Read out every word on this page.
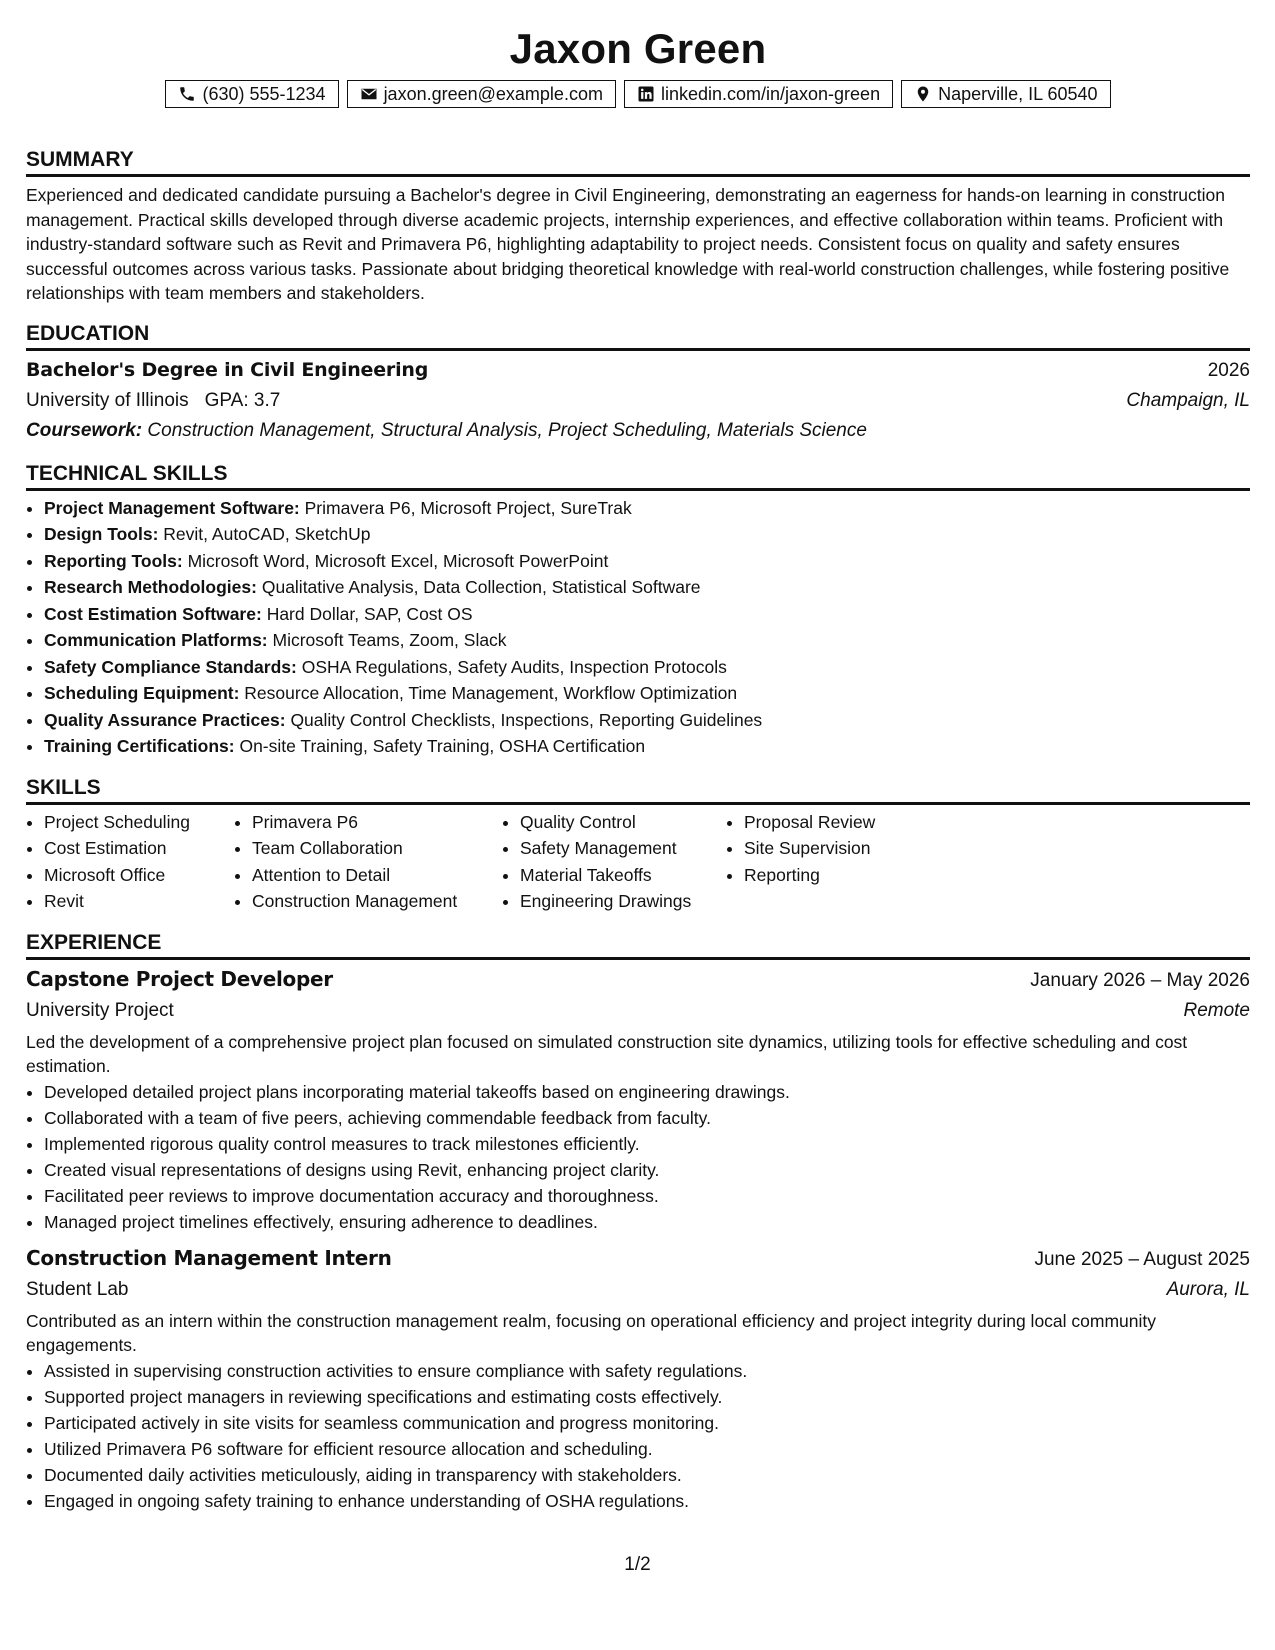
Jaxon Green
(630) 555-1234	jaxon.green@example.com	linkedin.com/in/jaxon-green	Naperville, IL 60540
SUMMARY
Experienced and dedicated candidate pursuing a Bachelor's degree in Civil Engineering, demonstrating an eagerness for hands-on learning in construction management. Practical skills developed through diverse academic projects, internship experiences, and effective collaboration within teams. Proficient with industry-standard software such as Revit and Primavera P6, highlighting adaptability to project needs. Consistent focus on quality and safety ensures successful outcomes across various tasks. Passionate about bridging theoretical knowledge with real-world construction challenges, while fostering positive relationships with team members and stakeholders.
EDUCATION
Bachelor's Degree in Civil Engineering	2026
University of Illinois GPA: 3.7	Champaign, IL
Coursework: Construction Management, Structural Analysis, Project Scheduling, Materials Science
TECHNICAL SKILLS
• Project Management Software: Primavera P6, Microsoft Project, SureTrak
• Design Tools: Revit, AutoCAD, SketchUp
• Reporting Tools: Microsoft Word, Microsoft Excel, Microsoft PowerPoint
• Research Methodologies: Qualitative Analysis, Data Collection, Statistical Software
• Cost Estimation Software: Hard Dollar, SAP, Cost OS
• Communication Platforms: Microsoft Teams, Zoom, Slack
• Safety Compliance Standards: OSHA Regulations, Safety Audits, Inspection Protocols
• Scheduling Equipment: Resource Allocation, Time Management, Workflow Optimization
• Quality Assurance Practices: Quality Control Checklists, Inspections, Reporting Guidelines
• Training Certifications: On-site Training, Safety Training, OSHA Certification
SKILLS
• Project Scheduling
• Cost Estimation
• Microsoft Office
• Revit
• Primavera P6
• Team Collaboration
• Attention to Detail
• Construction Management
• Quality Control
• Safety Management
• Material Takeoffs
• Engineering Drawings
• Proposal Review
• Site Supervision
• Reporting
EXPERIENCE
Capstone Project Developer	January 2026 – May 2026
University Project	Remote
Led the development of a comprehensive project plan focused on simulated construction site dynamics, utilizing tools for effective scheduling and cost estimation.
• Developed detailed project plans incorporating material takeoffs based on engineering drawings.
• Collaborated with a team of five peers, achieving commendable feedback from faculty.
• Implemented rigorous quality control measures to track milestones efficiently.
• Created visual representations of designs using Revit, enhancing project clarity.
• Facilitated peer reviews to improve documentation accuracy and thoroughness.
• Managed project timelines effectively, ensuring adherence to deadlines.
Construction Management Intern	June 2025 – August 2025
Student Lab	Aurora, IL
Contributed as an intern within the construction management realm, focusing on operational efficiency and project integrity during local community engagements.
• Assisted in supervising construction activities to ensure compliance with safety regulations.
• Supported project managers in reviewing specifications and estimating costs effectively.
• Participated actively in site visits for seamless communication and progress monitoring.
• Utilized Primavera P6 software for efficient resource allocation and scheduling.
• Documented daily activities meticulously, aiding in transparency with stakeholders.
• Engaged in ongoing safety training to enhance understanding of OSHA regulations.
1/2
